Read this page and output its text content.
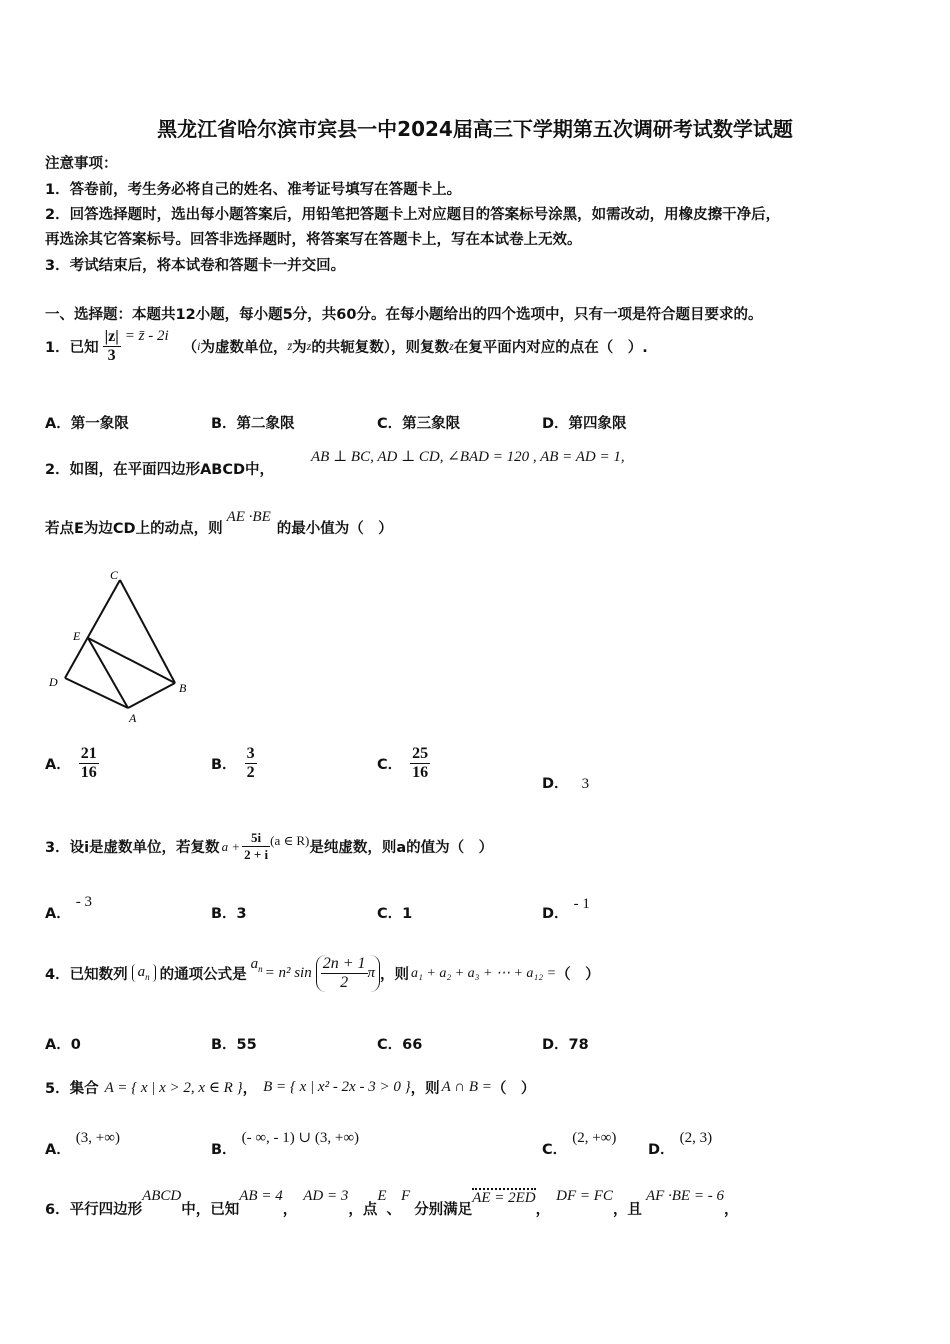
黑龙江省哈尔滨市宾县一中2024届高三下学期第五次调研考试数学试题
注意事项：
1．答卷前，考生务必将自己的姓名、准考证号填写在答题卡上。
2．回答选择题时，选出每小题答案后，用铅笔把答题卡上对应题目的答案标号涂黑，如需改动，用橡皮擦干净后，
再选涂其它答案标号。回答非选择题时，将答案写在答题卡上，写在本试卷上无效。
3．考试结束后，将本试卷和答题卡一并交回。
一、选择题：本题共12小题，每小题5分，共60分。在每小题给出的四个选项中，只有一项是符合题目要求的。
1．已知 $\frac{|z|}{3}$ = z̄ - 2i
（ i 为虚数单位， z̄ 为 z 的共轭复数），则复数 z 在复平面内对应的点在（　）.
A．第一象限	B．第二象限	C．第三象限	D．第四象限
2．如图，在平面四边形ABCD中，
AB ⊥ BC, AD ⊥ CD, ∠BAD = 120 , AB = AD = 1,
若点E为边CD上的动点，则
AE ·BE
的最小值为（　）
C
E
D	B
A
A． $\frac{21}{16}$	B． $\frac{3}{2}$	C． $\frac{25}{16}$
D． 3
3．设i是虚数单位，若复数 $a + \frac{5i}{2 + i} (a$ ∈ R) 是纯虚数，则a的值为（　）
A． - 3
B．3	C．1	D． - 1
4．已知数列 $a_n$ 的通项公式是
$a_n = n^2$ $\sin \frac{2n + 1}{2}$ π ，则 a₁ + a₂ + a₃ + ⋯ + a₁₂ = （　）
A．0	B．55	C．66	D．78
5．集合 A = { x | x > 2, x ∈ R } ， B = { x | x² - 2x - 3 > 0 } ，则 A ∩ B = （　）
A． (3, +∞)
B． (- ∞, - 1) ∪ (3, +∞)
C． (2, +∞)
D． (2, 3)
6．平行四边形
ABCD
中，已知
AB = 4
，
AD = 3
，点
E
、
F
分别满足
AE = 2ED
，
DF = FC
，且
AF ·BE = - 6
，
